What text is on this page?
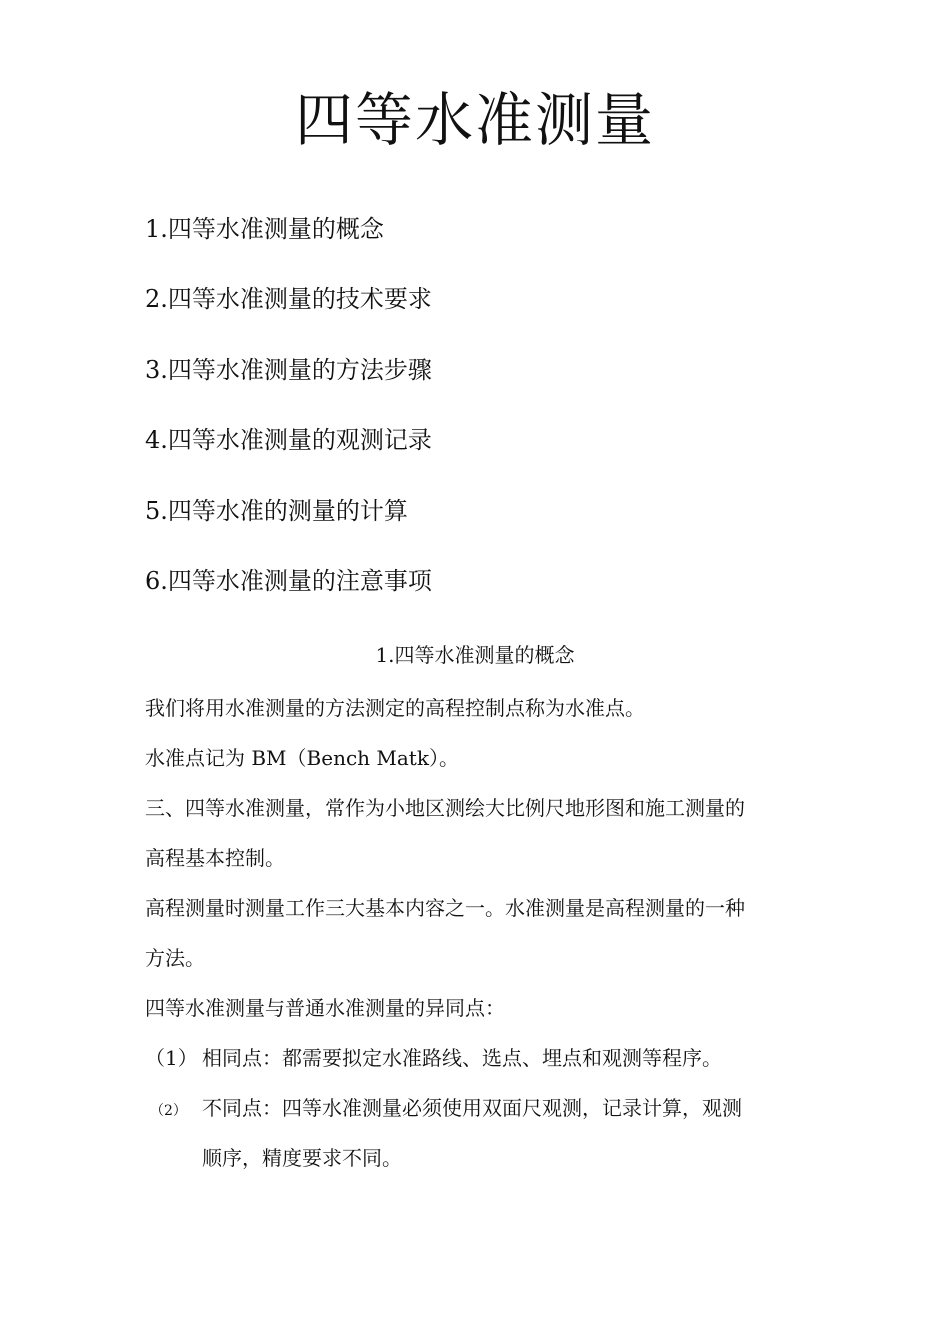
四等水准测量
1.四等水准测量的概念
2.四等水准测量的技术要求
3.四等水准测量的方法步骤
4.四等水准测量的观测记录
5.四等水准的测量的计算
6.四等水准测量的注意事项
1.四等水准测量的概念
我们将用水准测量的方法测定的高程控制点称为水准点。
水准点记为 BM（Bench Matk）。
三、四等水准测量，常作为小地区测绘大比例尺地形图和施工测量的
高程基本控制。
高程测量时测量工作三大基本内容之一。水准测量是高程测量的一种
方法。
四等水准测量与普通水准测量的异同点：
（1） 相同点：都需要拟定水准路线、选点、埋点和观测等程序。
（2） 不同点：四等水准测量必须使用双面尺观测，记录计算，观测
顺序，精度要求不同。
